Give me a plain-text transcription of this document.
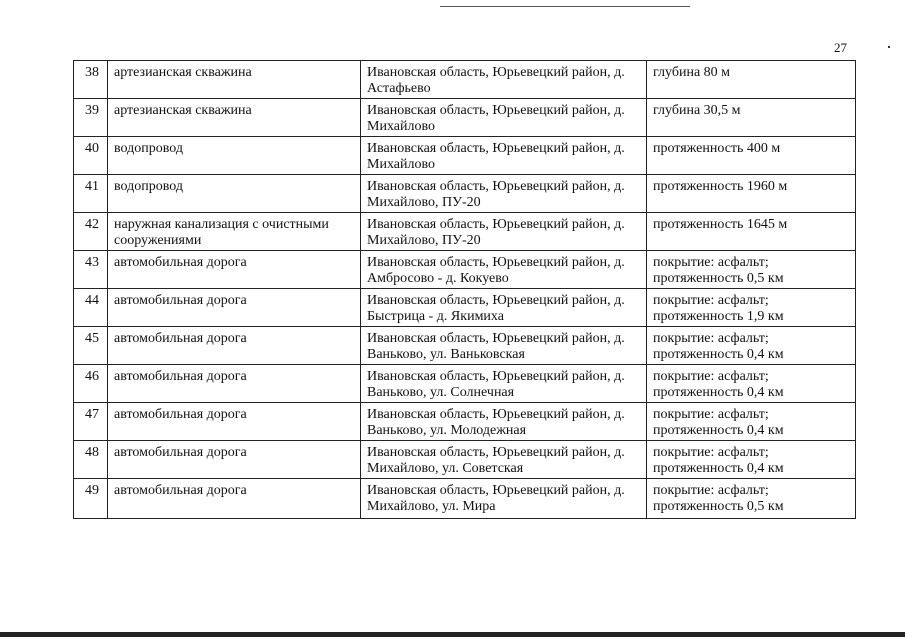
27
38	артезианская скважина	Ивановская область, Юрьевецкий район, д. Астафьево	глубина 80 м
39	артезианская скважина	Ивановская область, Юрьевецкий район, д. Михайлово	глубина 30,5 м
40	водопровод	Ивановская область, Юрьевецкий район, д. Михайлово	протяженность 400 м
41	водопровод	Ивановская область, Юрьевецкий район, д. Михайлово, ПУ-20	протяженность 1960 м
42	наружная канализация с очистными сооружениями	Ивановская область, Юрьевецкий район, д. Михайлово, ПУ-20	протяженность 1645 м
43	автомобильная дорога	Ивановская область, Юрьевецкий район, д. Амбросово - д. Кокуево	покрытие: асфальт; протяженность 0,5 км
44	автомобильная дорога	Ивановская область, Юрьевецкий район, д. Быстрица - д. Якимиха	покрытие: асфальт; протяженность 1,9 км
45	автомобильная дорога	Ивановская область, Юрьевецкий район, д. Ваньково, ул. Ваньковская	покрытие: асфальт; протяженность 0,4 км
46	автомобильная дорога	Ивановская область, Юрьевецкий район, д. Ваньково, ул. Солнечная	покрытие: асфальт; протяженность 0,4 км
47	автомобильная дорога	Ивановская область, Юрьевецкий район, д. Ваньково, ул. Молодежная	покрытие: асфальт; протяженность 0,4 км
48	автомобильная дорога	Ивановская область, Юрьевецкий район, д. Михайлово, ул. Советская	покрытие: асфальт; протяженность 0,4 км
49	автомобильная дорога	Ивановская область, Юрьевецкий район, д. Михайлово, ул. Мира	покрытие: асфальт; протяженность 0,5 км
